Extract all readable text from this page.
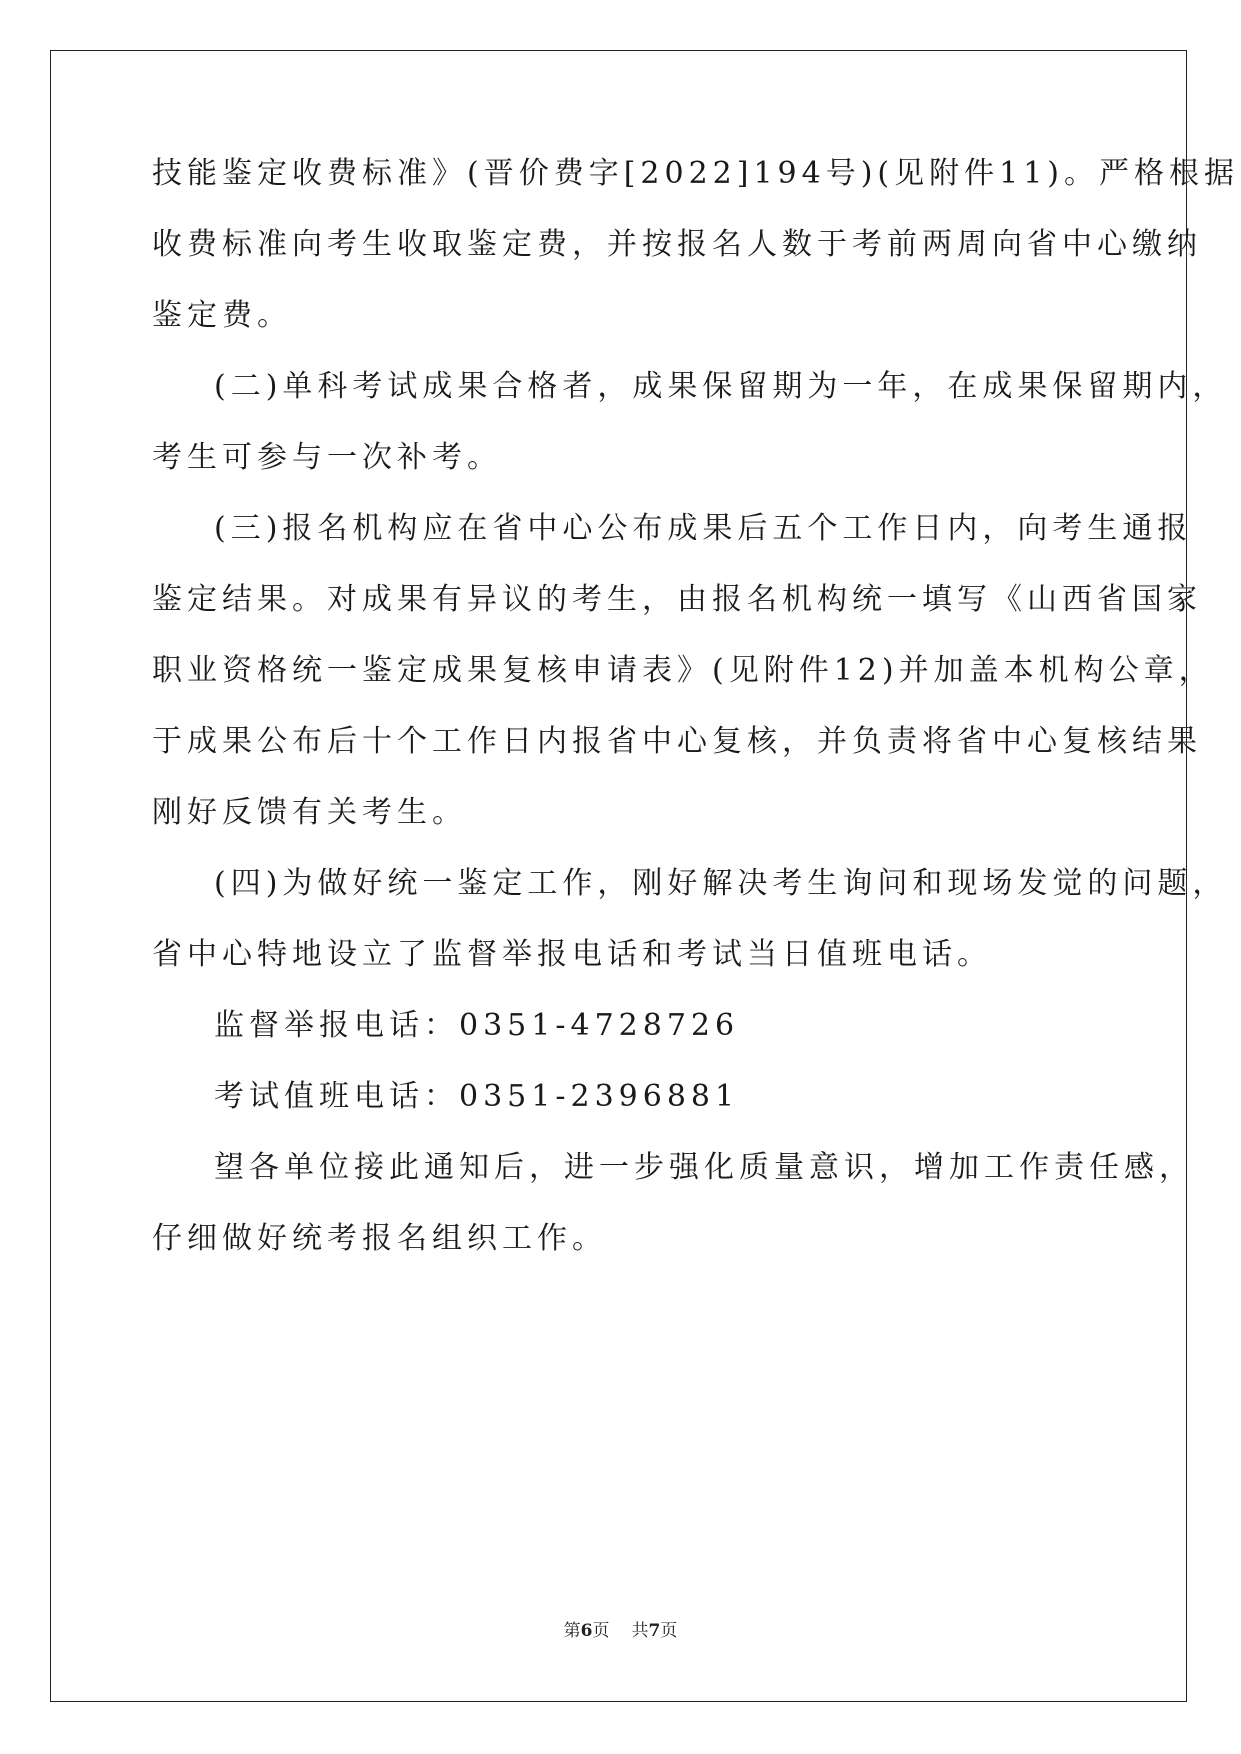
技能鉴定收费标准》(晋价费字[2022]194号)(见附件11)。严格根据
收费标准向考生收取鉴定费，并按报名人数于考前两周向省中心缴纳
鉴定费。
(二)单科考试成果合格者，成果保留期为一年，在成果保留期内，
考生可参与一次补考。
(三)报名机构应在省中心公布成果后五个工作日内，向考生通报
鉴定结果。对成果有异议的考生，由报名机构统一填写《山西省国家
职业资格统一鉴定成果复核申请表》(见附件12)并加盖本机构公章，
于成果公布后十个工作日内报省中心复核，并负责将省中心复核结果
刚好反馈有关考生。
(四)为做好统一鉴定工作，刚好解决考生询问和现场发觉的问题，
省中心特地设立了监督举报电话和考试当日值班电话。
监督举报电话：0351-4728726
考试值班电话：0351-2396881
望各单位接此通知后，进一步强化质量意识，增加工作责任感，
仔细做好统考报名组织工作。
第6页 共7页
